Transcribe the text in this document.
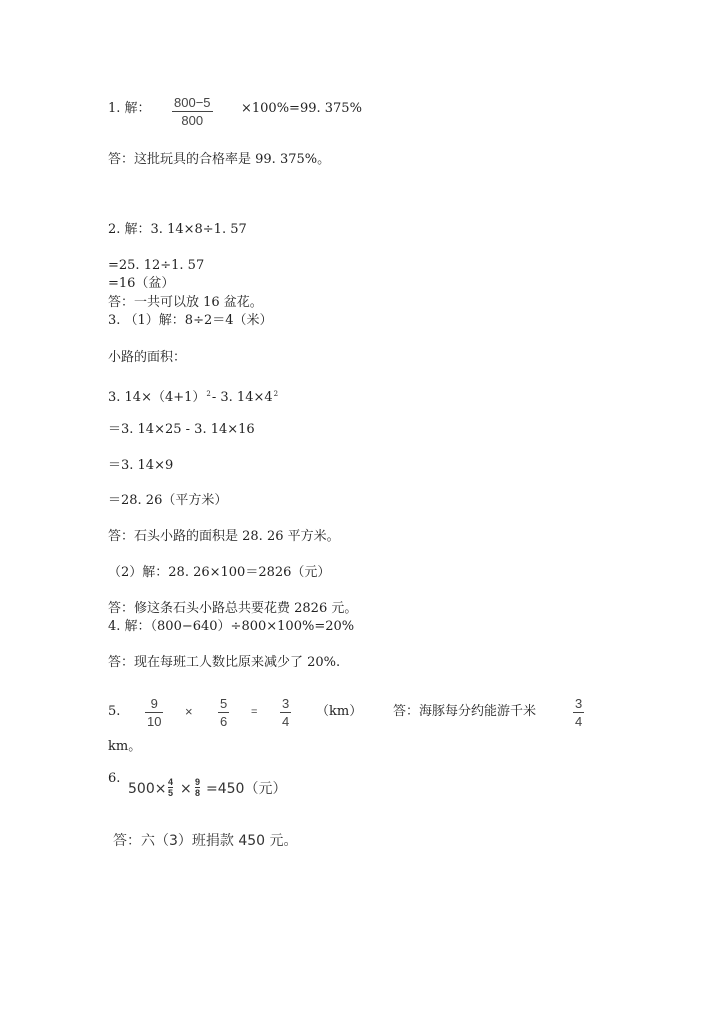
1. 解： 800−5
800
×100%=99. 375%
答：这批玩具的合格率是 99. 375%。
2. 解：3. 14×8÷1. 57
=25. 12÷1. 57
=16（盆）
答：一共可以放 16 盆花。
3. （1）解：8÷2＝4（米）
小路的面积：
3. $14\times(4+1)^2-$ 3. $14\times 4^2$
＝3. 14×25 - 3. 14×16
＝3. 14×9
＝28. 26（平方米）
答：石头小路的面积是 28. 26 平方米。
（2）解：28. 26×100＝2826（元）
答：修这条石头小路总共要花费 2826 元。
4. 解：（800−640）÷800×100%=20%
答：现在每班工人数比原来减少了 20%.
5.
9
10
×
5
6
=
3
4
（km） 答：海豚每分约能游千米
3
4
km。
6.
500× 4
5 × 9
8 =450（元）
答：六（3）班捐款 450 元。
